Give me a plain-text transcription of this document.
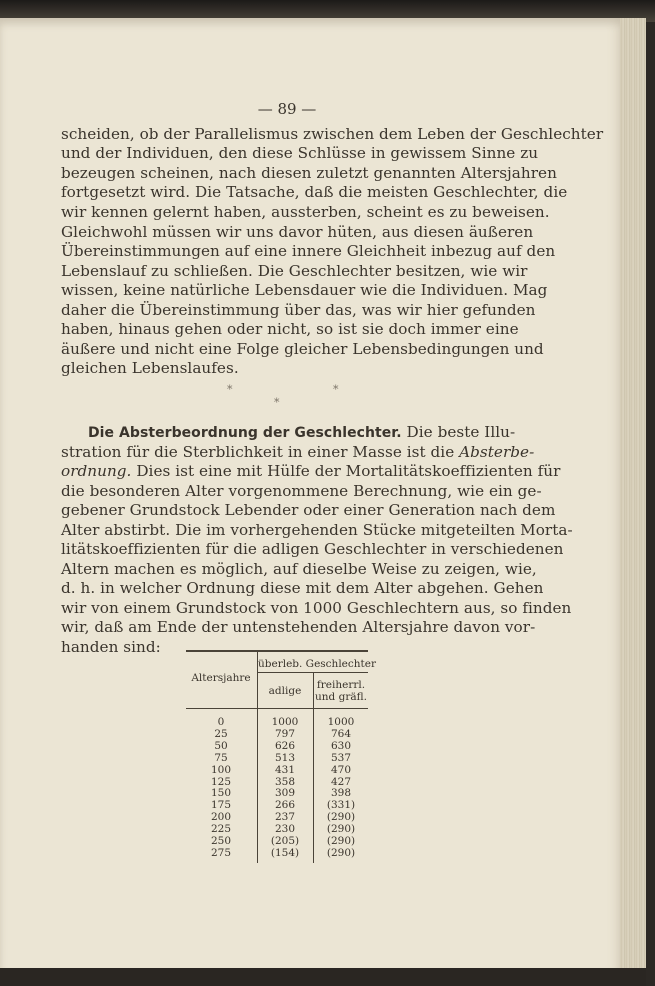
— 89 —
scheiden, ob der Parallelismus zwischen dem Leben der Geschlechter
und der Individuen, den diese Schlüsse in gewissem Sinne zu
bezeugen scheinen, nach diesen zuletzt genannten Altersjahren
fortgesetzt wird. Die Tatsache, daß die meisten Geschlechter, die
wir kennen gelernt haben, aussterben, scheint es zu beweisen.
Gleichwohl müssen wir uns davor hüten, aus diesen äußeren
Übereinstimmungen auf eine innere Gleichheit inbezug auf den
Lebenslauf zu schließen. Die Geschlechter besitzen, wie wir
wissen, keine natürliche Lebensdauer wie die Individuen. Mag
daher die Übereinstimmung über das, was wir hier gefunden
haben, hinaus gehen oder nicht, so ist sie doch immer eine
äußere und nicht eine Folge gleicher Lebensbedingungen und
gleichen Lebenslaufes.
*	*
*
Die Absterbeordnung der Geschlechter. Die beste Illu-
stration für die Sterblichkeit in einer Masse ist die Absterbe-
ordnung. Dies ist eine mit Hülfe der Mortalitätskoeffizienten für
die besonderen Alter vorgenommene Berechnung, wie ein ge-
gebener Grundstock Lebender oder einer Generation nach dem
Alter abstirbt. Die im vorhergehenden Stücke mitgeteilten Morta-
litätskoeffizienten für die adligen Geschlechter in verschiedenen
Altern machen es möglich, auf dieselbe Weise zu zeigen, wie,
d. h. in welcher Ordnung diese mit dem Alter abgehen. Gehen
wir von einem Grundstock von 1000 Geschlechtern aus, so finden
wir, daß am Ende der untenstehenden Altersjahre davon vor-
handen sind:
Altersjahre
überleb. Geschlechter
adlige	freiherrl.
und gräfl.
0	1000	1000
25	797	764
50	626	630
75	513	537
100	431	470
125	358	427
150	309	398
175	266	(331)
200	237	(290)
225	230	(290)
250	(205)	(290)
275	(154)	(290)
